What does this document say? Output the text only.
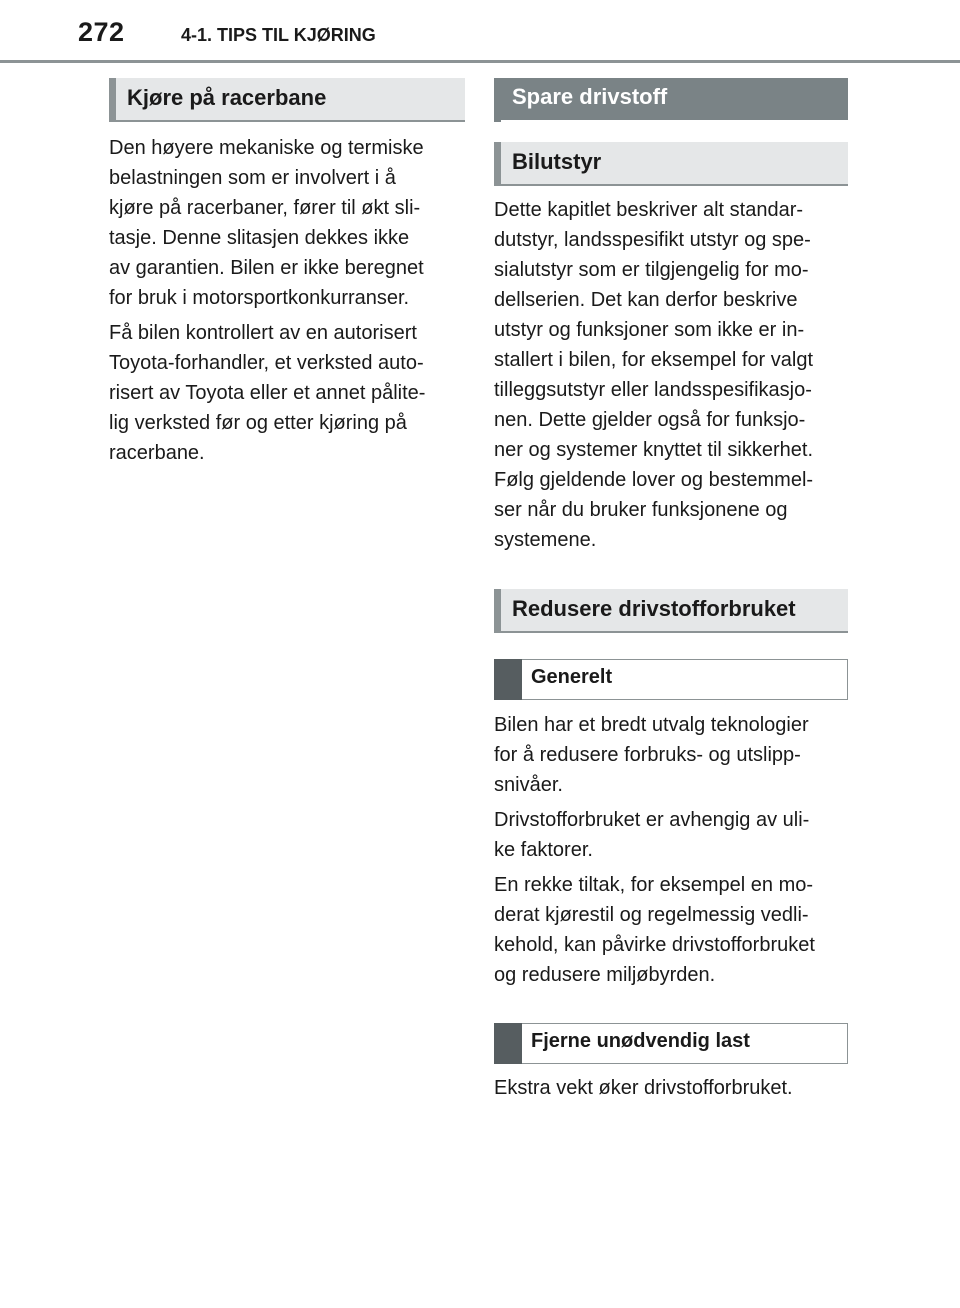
272	4-1. TIPS TIL KJØRING
Kjøre på racerbane

Den høyere mekaniske og termiske
belastningen som er involvert i å
kjøre på racerbaner, fører til økt sli-
tasje. Denne slitasjen dekkes ikke
av garantien. Bilen er ikke beregnet
for bruk i motorsportkonkurranser.

Få bilen kontrollert av en autorisert
Toyota-forhandler, et verksted auto-
risert av Toyota eller et annet pålite-
lig verksted før og etter kjøring på
racerbane.

Spare drivstoff
Bilutstyr

Dette kapitlet beskriver alt standar-
dutstyr, landsspesifikt utstyr og spe-
sialutstyr som er tilgjengelig for mo-
dellserien. Det kan derfor beskrive
utstyr og funksjoner som ikke er in-
stallert i bilen, for eksempel for valgt
tilleggsutstyr eller landsspesifikasjo-
nen. Dette gjelder også for funksjo-
ner og systemer knyttet til sikkerhet.
Følg gjeldende lover og bestemmel-
ser når du bruker funksjonene og
systemene.

Redusere drivstofforbruket
Generelt

Bilen har et bredt utvalg teknologier
for å redusere forbruks- og utslipp-
snivåer.

Drivstofforbruket er avhengig av uli-
ke faktorer.

En rekke tiltak, for eksempel en mo-
derat kjørestil og regelmessig vedli-
kehold, kan påvirke drivstofforbruket
og redusere miljøbyrden.

Fjerne unødvendig last

Ekstra vekt øker drivstofforbruket.
